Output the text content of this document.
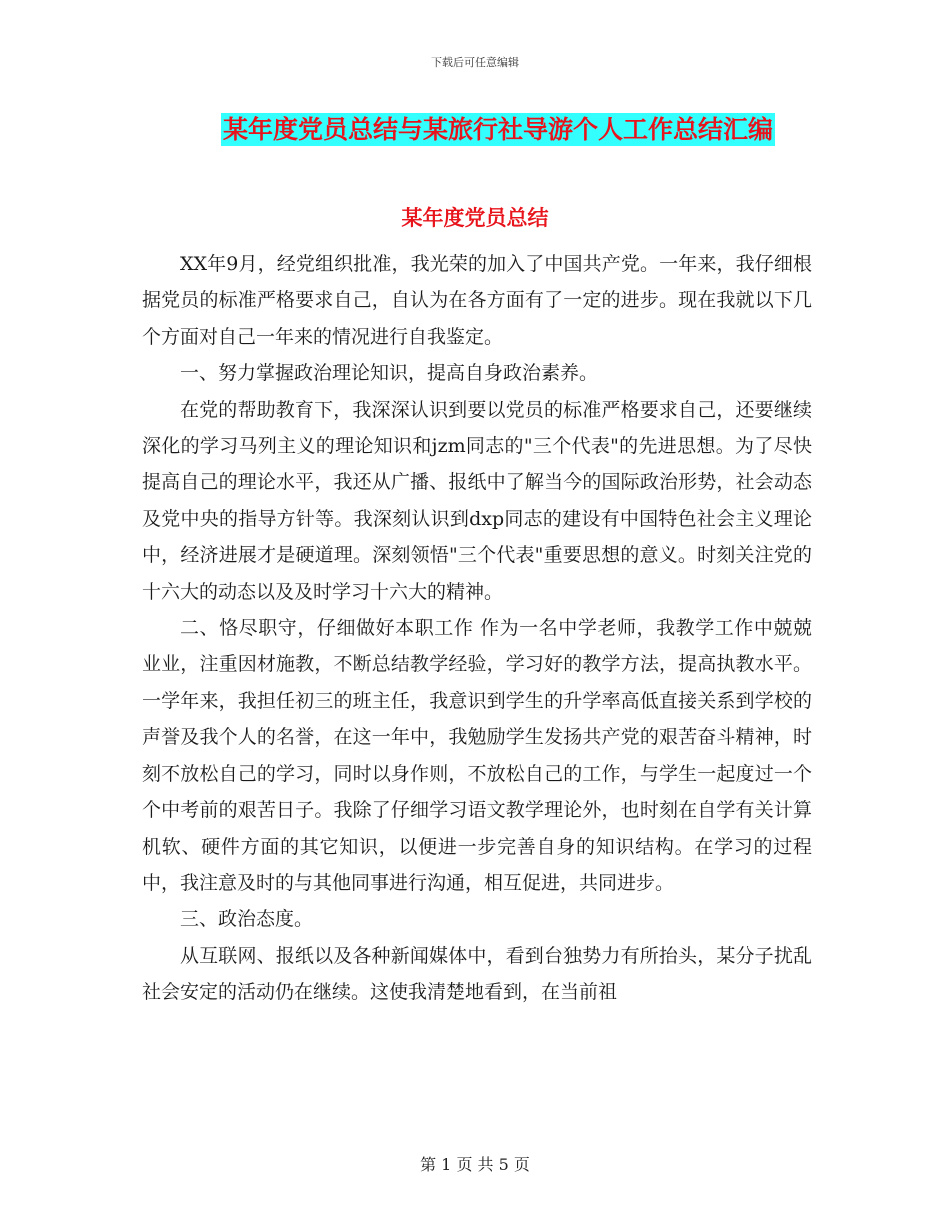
下载后可任意编辑
某年度党员总结与某旅行社导游个人工作总结汇编
某年度党员总结

XX年9月，经党组织批准，我光荣的加入了中国共产党。一年来，我仔细根据党员的标准严格要求自己，自认为在各方面有了一定的进步。现在我就以下几个方面对自己一年来的情况进行自我鉴定。

一、努力掌握政治理论知识，提高自身政治素养。

在党的帮助教育下，我深深认识到要以党员的标准严格要求自己，还要继续深化的学习马列主义的理论知识和jzm同志的"三个代表"的先进思想。为了尽快提高自己的理论水平，我还从广播、报纸中了解当今的国际政治形势，社会动态及党中央的指导方针等。我深刻认识到dxp同志的建设有中国特色社会主义理论中，经济进展才是硬道理。深刻领悟"三个代表"重要思想的意义。时刻关注党的十六大的动态以及及时学习十六大的精神。

二、恪尽职守，仔细做好本职工作 作为一名中学老师，我教学工作中兢兢业业，注重因材施教，不断总结教学经验，学习好的教学方法，提高执教水平。一学年来，我担任初三的班主任，我意识到学生的升学率高低直接关系到学校的声誉及我个人的名誉，在这一年中，我勉励学生发扬共产党的艰苦奋斗精神，时刻不放松自己的学习，同时以身作则，不放松自己的工作，与学生一起度过一个个中考前的艰苦日子。我除了仔细学习语文教学理论外，也时刻在自学有关计算机软、硬件方面的其它知识，以便进一步完善自身的知识结构。在学习的过程中，我注意及时的与其他同事进行沟通，相互促进，共同进步。

三、政治态度。

从互联网、报纸以及各种新闻媒体中，看到台独势力有所抬头，某分子扰乱社会安定的活动仍在继续。这使我清楚地看到，在当前祖

第 1 页 共 5 页
